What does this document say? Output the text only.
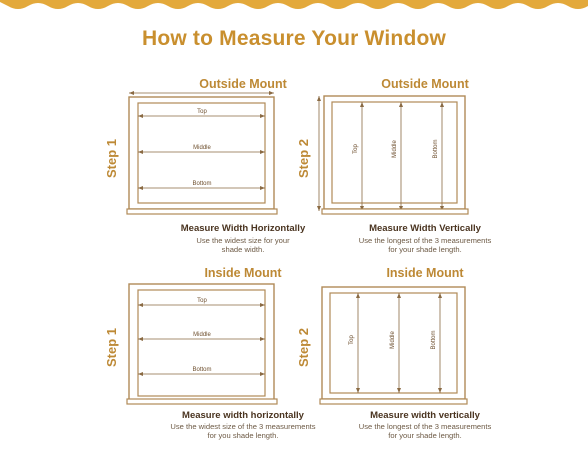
How to Measure Your Window
Outside Mount
Step 1
Top
Middle
Bottom
Measure Width Horizontally
Use the widest size for your
shade width.
Outside Mount
Step 2	Top	Middle	Bottom
Measure Width Vertically
Use the longest of the 3 measurements
for your shade length.
Inside Mount
Step 1
Top
Middle
Bottom
Measure width horizontally
Use the widest size of the 3 measurements
for you shade length.
Inside Mount
Step 2	Top	Middle	Bottom
Measure width vertically
Use the longest of the 3 measurements
for your shade length.
